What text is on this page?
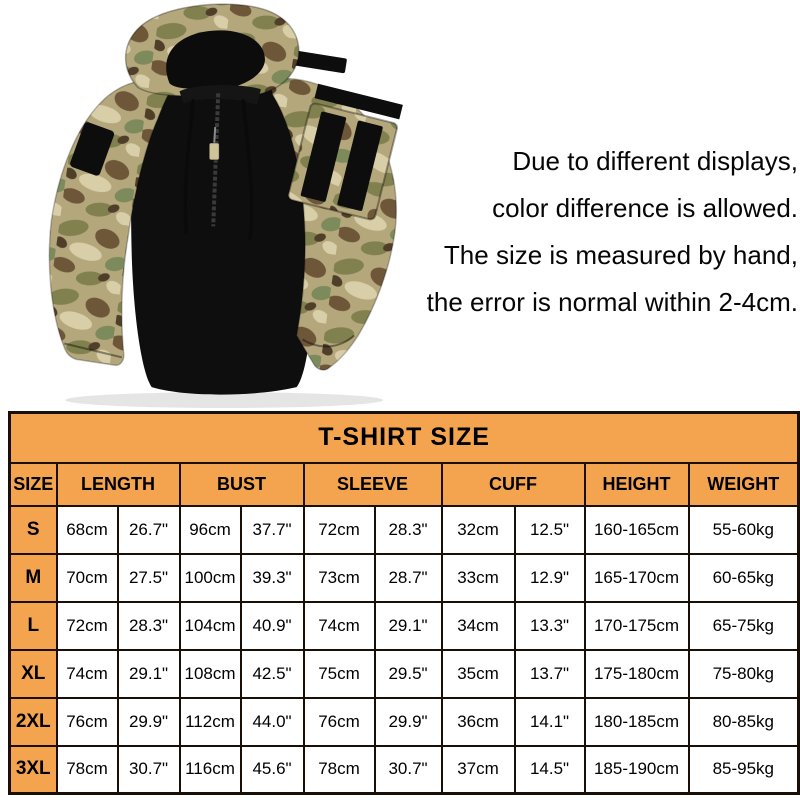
Due to different displays,
color difference is allowed.
The size is measured by hand,
the error is normal within 2-4cm.
T-SHIRT SIZE										
SIZE	LENGTH		BUST		SLEEVE		CUFF		HEIGHT	WEIGHT
S	68cm	26.7"	96cm	37.7"	72cm	28.3"	32cm	12.5"	160-165cm	55-60kg
M	70cm	27.5"	100cm	39.3"	73cm	28.7"	33cm	12.9"	165-170cm	60-65kg
L	72cm	28.3"	104cm	40.9"	74cm	29.1"	34cm	13.3"	170-175cm	65-75kg
XL	74cm	29.1"	108cm	42.5"	75cm	29.5"	35cm	13.7"	175-180cm	75-80kg
2XL	76cm	29.9"	112cm	44.0"	76cm	29.9"	36cm	14.1"	180-185cm	80-85kg
3XL	78cm	30.7"	116cm	45.6"	78cm	30.7"	37cm	14.5"	185-190cm	85-95kg
